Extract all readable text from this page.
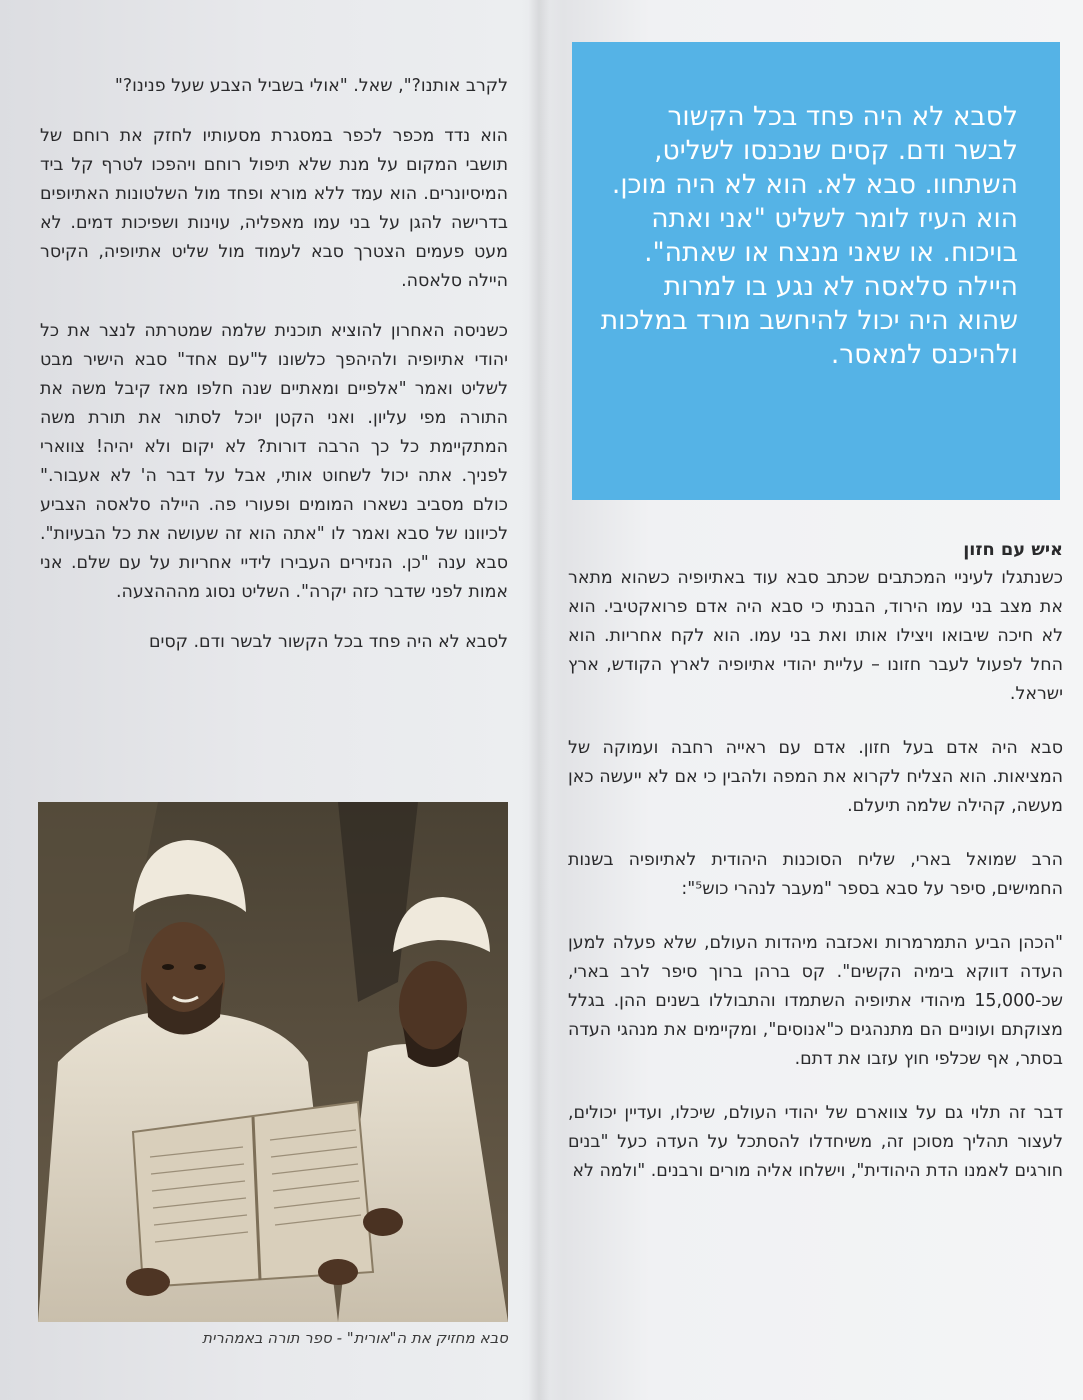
לקרב אותנו?", שאל. "אולי בשביל הצבע שעל פנינו?"

הוא נדד מכפר לכפר במסגרת מסעותיו לחזק את רוחם של תושבי המקום על מנת שלא תיפול רוחם ויהפכו לטרף קל ביד המיסיונרים. הוא עמד ללא מורא ופחד מול השלטונות האתיופים בדרישה להגן על בני עמו מאפליה, עוינות ושפיכות דמים. לא מעט פעמים הצטרך סבא לעמוד מול שליט אתיופיה, הקיסר היילה סלאסה.

כשניסה האחרון להוציא תוכנית שלמה שמטרתה לנצר את כל יהודי אתיופיה ולהיהפך כלשונו ל"עם אחד" סבא הישיר מבט לשליט ואמר "אלפיים ומאתיים שנה חלפו מאז קיבל משה את התורה מפי עליון. ואני הקטן יוכל לסתור את תורת משה המתקיימת כל כך הרבה דורות? לא יקום ולא יהיה! צווארי לפניך. אתה יכול לשחוט אותי, אבל על דבר ה' לא אעבור." כולם מסביב נשארו המומים ופעורי פה. היילה סלאסה הצביע לכיוונו של סבא ואמר לו "אתה הוא זה שעושה את כל הבעיות". סבא ענה "כן. הנזירים העבירו לידיי אחריות על עם שלם. אני אמות לפני שדבר כזה יקרה". השליט נסוג מהההצעה.

לסבא לא היה פחד בכל הקשור לבשר ודם. קסים

סבא מחזיק את ה"אורית" - ספר תורה באמהרית
לסבא לא היה פחד בכל הקשור לבשר ודם. קסים שנכנסו לשליט, השתחוו. סבא לא. הוא לא היה מוכן. הוא העיז לומר לשליט "אני ואתה בויכוח. או שאני מנצח או שאתה". היילה סלאסה לא נגע בו למרות שהוא היה יכול להיחשב מורד במלכות ולהיכנס למאסר.
איש עם חזון

כשנתגלו לעיניי המכתבים שכתב סבא עוד באתיופיה כשהוא מתאר את מצב בני עמו הירוד, הבנתי כי סבא היה אדם פרואקטיבי. הוא לא חיכה שיבואו ויצילו אותו ואת בני עמו. הוא לקח אחריות. הוא החל לפעול לעבר חזונו – עליית יהודי אתיופיה לארץ הקודש, ארץ ישראל.

סבא היה אדם בעל חזון. אדם עם ראייה רחבה ועמוקה של המציאות. הוא הצליח לקרוא את המפה ולהבין כי אם לא ייעשה כאן מעשה, קהילה שלמה תיעלם.

הרב שמואל בארי, שליח הסוכנות היהודית לאתיופיה בשנות החמישים, סיפר על סבא בספר "מעבר לנהרי כוש⁵":

"הכהן הביע התמרמרות ואכזבה מיהדות העולם, שלא פעלה למען העדה דווקא בימיה הקשים". קס ברהן ברוך סיפר לרב בארי, שכ-15,000 מיהודי אתיופיה השתמדו והתבוללו בשנים ההן. בגלל מצוקתם ועוניים הם מתנהגים כ"אנוסים", ומקיימים את מנהגי העדה בסתר, אף שכלפי חוץ עזבו את דתם.

דבר זה תלוי גם על צווארם של יהודי העולם, שיכלו, ועדיין יכולים, לעצור תהליך מסוכן זה, משיחדלו להסתכל על העדה כעל "בנים חורגים לאמנו הדת היהודית", וישלחו אליה מורים ורבנים. "ולמה לא
